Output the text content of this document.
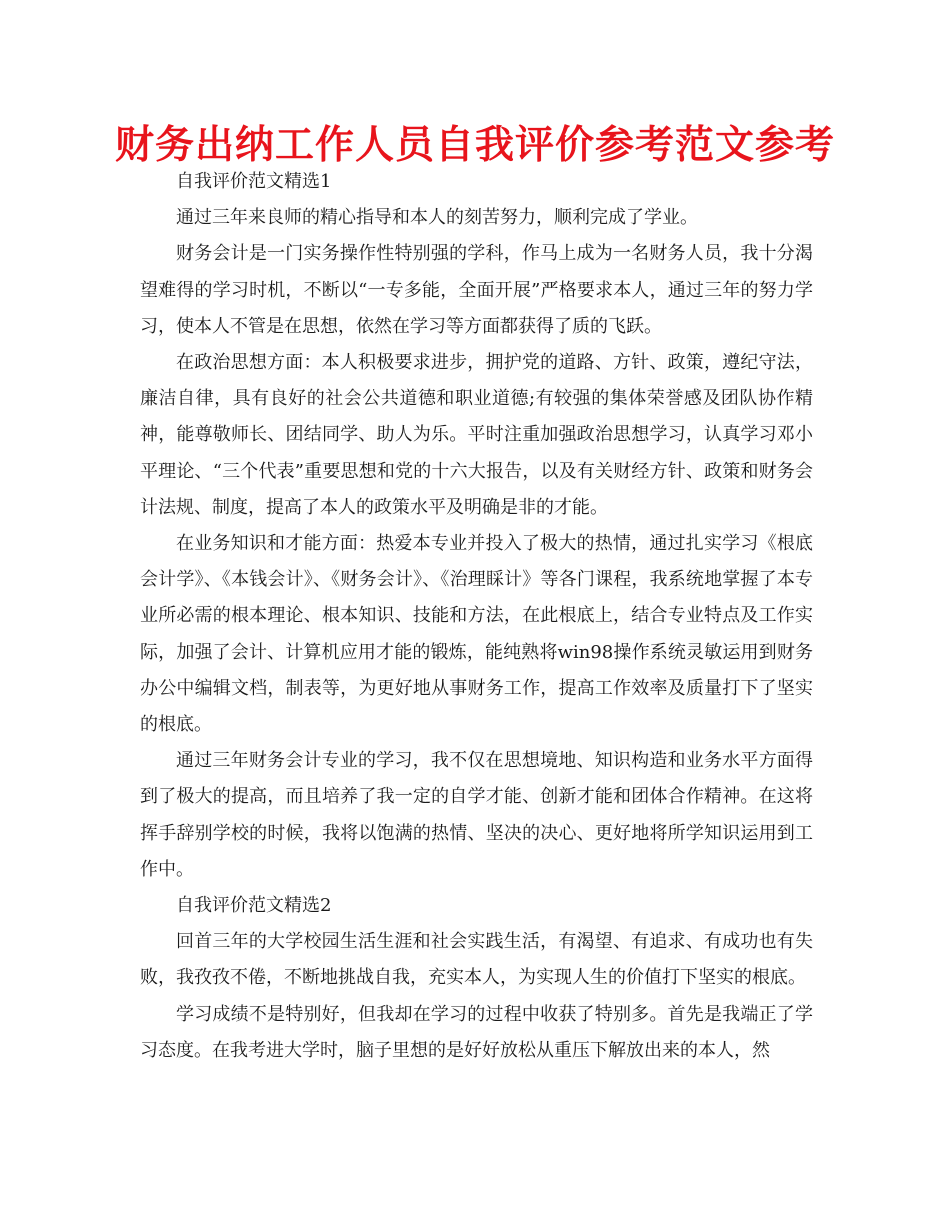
财务出纳工作人员自我评价参考范文参考

自我评价范文精选1

通过三年来良师的精心指导和本人的刻苦努力，顺利完成了学业。

财务会计是一门实务操作性特别强的学科，作马上成为一名财务人员，我十分渴望难得的学习时机，不断以“一专多能，全面开展”严格要求本人，通过三年的努力学习，使本人不管是在思想，依然在学习等方面都获得了质的飞跃。

在政治思想方面：本人积极要求进步，拥护党的道路、方针、政策，遵纪守法，廉洁自律，具有良好的社会公共道德和职业道德;有较强的集体荣誉感及团队协作精神，能尊敬师长、团结同学、助人为乐。平时注重加强政治思想学习，认真学习邓小平理论、“三个代表”重要思想和党的十六大报告，以及有关财经方针、政策和财务会计法规、制度，提高了本人的政策水平及明确是非的才能。

在业务知识和才能方面：热爱本专业并投入了极大的热情，通过扎实学习《根底会计学》、《本钱会计》、《财务会计》、《治理睬计》等各门课程，我系统地掌握了本专业所必需的根本理论、根本知识、技能和方法，在此根底上，结合专业特点及工作实际，加强了会计、计算机应用才能的锻炼，能纯熟将win98操作系统灵敏运用到财务办公中编辑文档，制表等，为更好地从事财务工作，提高工作效率及质量打下了坚实的根底。

通过三年财务会计专业的学习，我不仅在思想境地、知识构造和业务水平方面得到了极大的提高，而且培养了我一定的自学才能、创新才能和团体合作精神。在这将挥手辞别学校的时候，我将以饱满的热情、坚决的决心、更好地将所学知识运用到工作中。

自我评价范文精选2

回首三年的大学校园生活生涯和社会实践生活，有渴望、有追求、有成功也有失败，我孜孜不倦，不断地挑战自我，充实本人，为实现人生的价值打下坚实的根底。

学习成绩不是特别好，但我却在学习的过程中收获了特别多。首先是我端正了学习态度。在我考进大学时，脑子里想的是好好放松从重压下解放出来的本人，然
